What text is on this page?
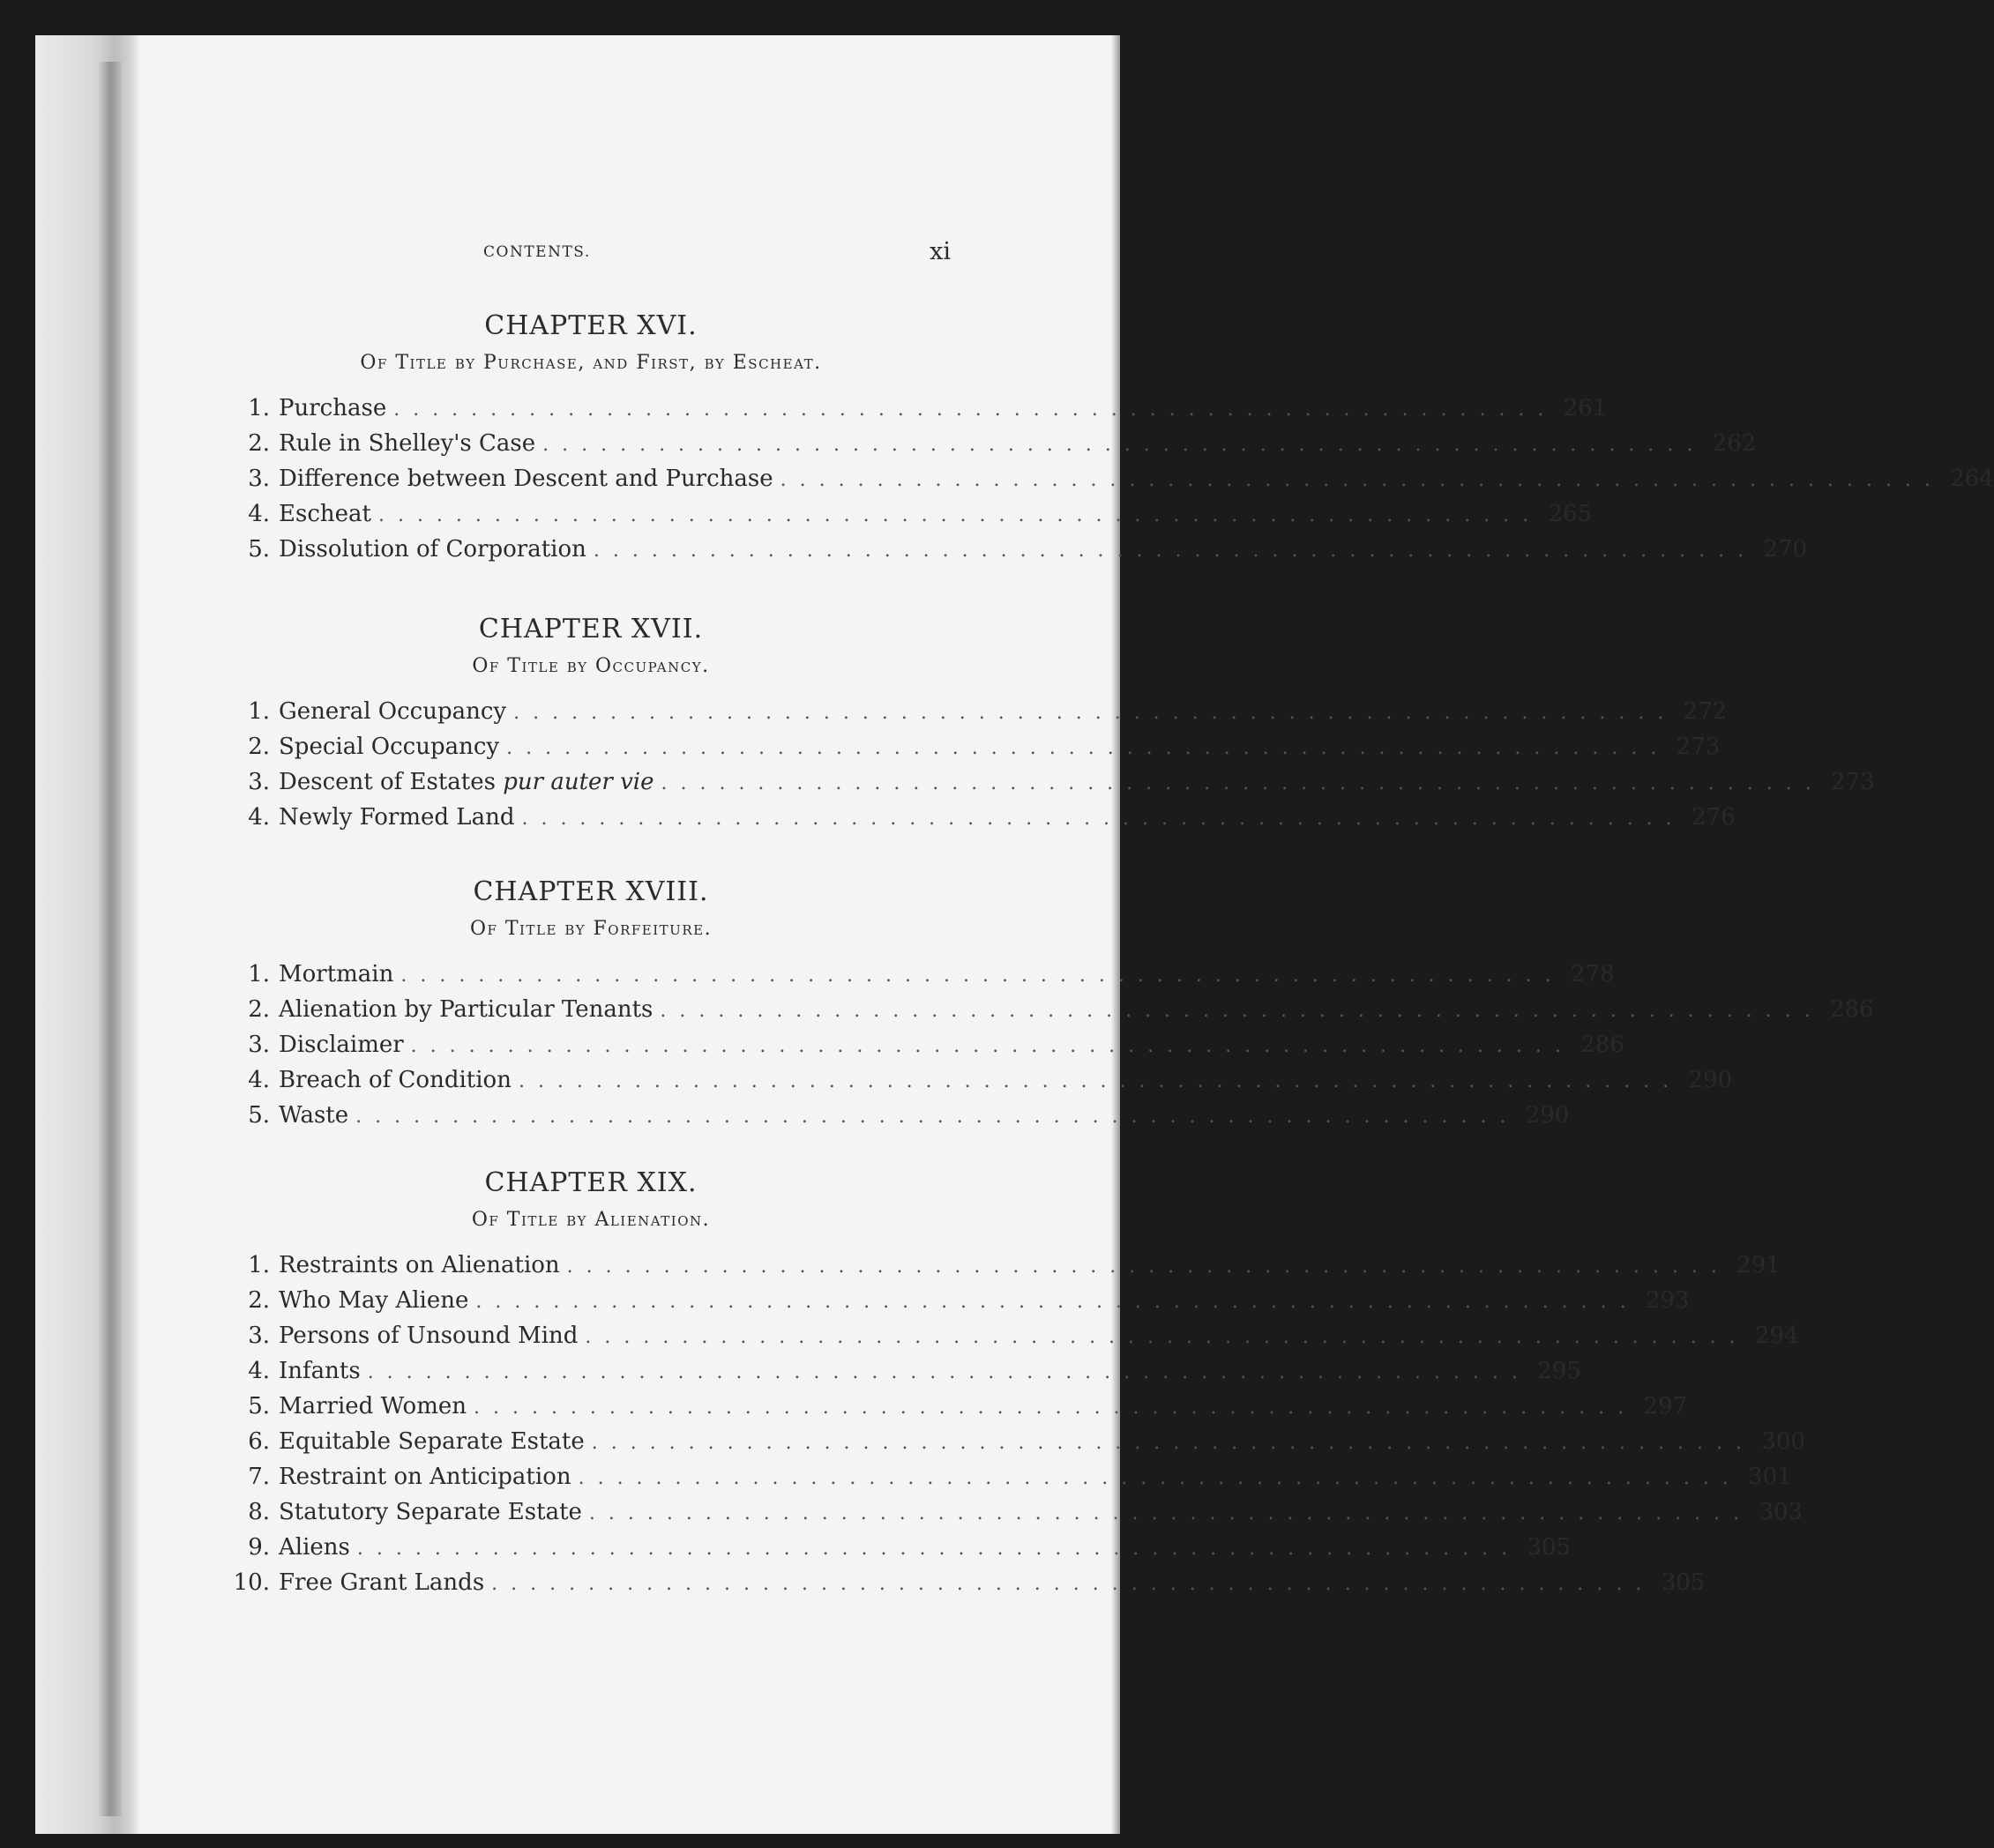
CONTENTS.	xi
CHAPTER XVI.
Of Title by Purchase, and First, by Escheat.
1. Purchase . . . . . . . . . . . . . . . . . . . . . . . . . . . . . . . . . . . . . . . . . . . . . . . . . . . . . . . . . . . . 261
2. Rule in Shelley's Case . . . . . . . . . . . . . . . . . . . . . . . . . . . . . . . . . . . . . . . . . . . . . . . . . . . . . . . . . . . . 262
3. Difference between Descent and Purchase . . . . . . . . . . . . . . . . . . . . . . . . . . . . . . . . . . . . . . . . . . . . . . . . . . . . . . . . . . . . 264
4. Escheat . . . . . . . . . . . . . . . . . . . . . . . . . . . . . . . . . . . . . . . . . . . . . . . . . . . . . . . . . . . . 265
5. Dissolution of Corporation . . . . . . . . . . . . . . . . . . . . . . . . . . . . . . . . . . . . . . . . . . . . . . . . . . . . . . . . . . . . 270
CHAPTER XVII.
Of Title by Occupancy.
1. General Occupancy . . . . . . . . . . . . . . . . . . . . . . . . . . . . . . . . . . . . . . . . . . . . . . . . . . . . . . . . . . . . 272
2. Special Occupancy . . . . . . . . . . . . . . . . . . . . . . . . . . . . . . . . . . . . . . . . . . . . . . . . . . . . . . . . . . . . 273
3. Descent of Estates pur auter vie . . . . . . . . . . . . . . . . . . . . . . . . . . . . . . . . . . . . . . . . . . . . . . . . . . . . . . . . . . . . 273
4. Newly Formed Land . . . . . . . . . . . . . . . . . . . . . . . . . . . . . . . . . . . . . . . . . . . . . . . . . . . . . . . . . . . . 276
CHAPTER XVIII.
Of Title by Forfeiture.
1. Mortmain . . . . . . . . . . . . . . . . . . . . . . . . . . . . . . . . . . . . . . . . . . . . . . . . . . . . . . . . . . . . 278
2. Alienation by Particular Tenants . . . . . . . . . . . . . . . . . . . . . . . . . . . . . . . . . . . . . . . . . . . . . . . . . . . . . . . . . . . . 286
3. Disclaimer . . . . . . . . . . . . . . . . . . . . . . . . . . . . . . . . . . . . . . . . . . . . . . . . . . . . . . . . . . . . 286
4. Breach of Condition . . . . . . . . . . . . . . . . . . . . . . . . . . . . . . . . . . . . . . . . . . . . . . . . . . . . . . . . . . . . 290
5. Waste . . . . . . . . . . . . . . . . . . . . . . . . . . . . . . . . . . . . . . . . . . . . . . . . . . . . . . . . . . . . 290
CHAPTER XIX.
Of Title by Alienation.
1. Restraints on Alienation . . . . . . . . . . . . . . . . . . . . . . . . . . . . . . . . . . . . . . . . . . . . . . . . . . . . . . . . . . . . 291
2. Who May Aliene . . . . . . . . . . . . . . . . . . . . . . . . . . . . . . . . . . . . . . . . . . . . . . . . . . . . . . . . . . . . 293
3. Persons of Unsound Mind . . . . . . . . . . . . . . . . . . . . . . . . . . . . . . . . . . . . . . . . . . . . . . . . . . . . . . . . . . . . 294
4. Infants . . . . . . . . . . . . . . . . . . . . . . . . . . . . . . . . . . . . . . . . . . . . . . . . . . . . . . . . . . . . 295
5. Married Women . . . . . . . . . . . . . . . . . . . . . . . . . . . . . . . . . . . . . . . . . . . . . . . . . . . . . . . . . . . . 297
6. Equitable Separate Estate . . . . . . . . . . . . . . . . . . . . . . . . . . . . . . . . . . . . . . . . . . . . . . . . . . . . . . . . . . . . 300
7. Restraint on Anticipation . . . . . . . . . . . . . . . . . . . . . . . . . . . . . . . . . . . . . . . . . . . . . . . . . . . . . . . . . . . . 301
8. Statutory Separate Estate . . . . . . . . . . . . . . . . . . . . . . . . . . . . . . . . . . . . . . . . . . . . . . . . . . . . . . . . . . . . 303
9. Aliens . . . . . . . . . . . . . . . . . . . . . . . . . . . . . . . . . . . . . . . . . . . . . . . . . . . . . . . . . . . . 305
10. Free Grant Lands . . . . . . . . . . . . . . . . . . . . . . . . . . . . . . . . . . . . . . . . . . . . . . . . . . . . . . . . . . . . 305
